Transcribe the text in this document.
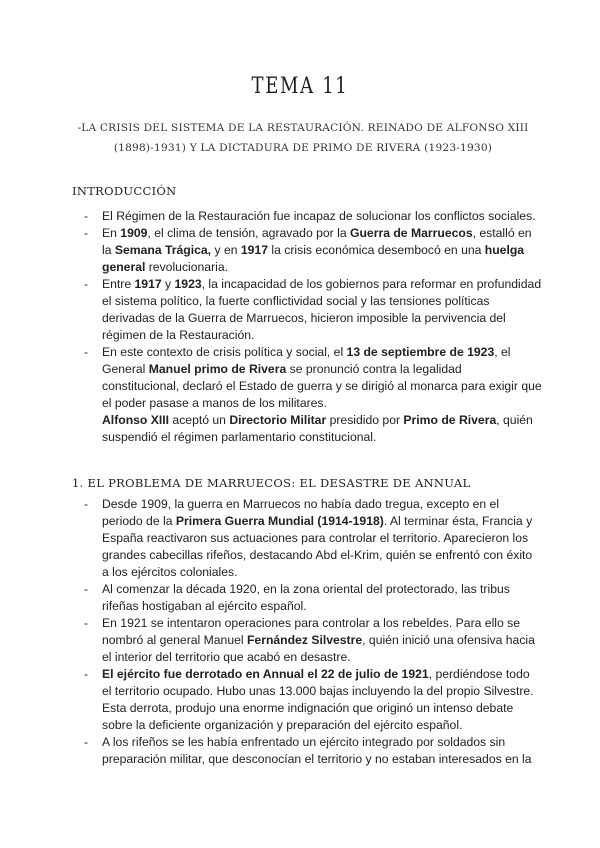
TEMA 11
-LA CRISIS DEL SISTEMA DE LA RESTAURACIÓN. REINADO DE ALFONSO XIII (1898)-1931) Y LA DICTADURA DE PRIMO DE RIVERA (1923-1930)
INTRODUCCIÓN
- El Régimen de la Restauración fue incapaz de solucionar los conflictos sociales.
- En 1909, el clima de tensión, agravado por la Guerra de Marruecos, estalló en la Semana Trágica, y en 1917 la crisis económica desembocó en una huelga general revolucionaria.
- Entre 1917 y 1923, la incapacidad de los gobiernos para reformar en profundidad el sistema político, la fuerte conflictividad social y las tensiones políticas derivadas de la Guerra de Marruecos, hicieron imposible la pervivencia del régimen de la Restauración.
- En este contexto de crisis política y social, el 13 de septiembre de 1923, el General Manuel primo de Rivera se pronunció contra la legalidad constitucional, declaró el Estado de guerra y se dirigió al monarca para exigir que el poder pasase a manos de los militares.
Alfonso XIII aceptó un Directorio Militar presidido por Primo de Rivera, quién suspendió el régimen parlamentario constitucional.
1. EL PROBLEMA DE MARRUECOS: EL DESASTRE DE ANNUAL
- Desde 1909, la guerra en Marruecos no había dado tregua, excepto en el periodo de la Primera Guerra Mundial (1914-1918). Al terminar ésta, Francia y España reactivaron sus actuaciones para controlar el territorio. Aparecieron los grandes cabecillas rifeños, destacando Abd el-Krim, quién se enfrentó con éxito a los ejércitos coloniales.
- Al comenzar la década 1920, en la zona oriental del protectorado, las tribus rifeñas hostigaban al ejército español.
- En 1921 se intentaron operaciones para controlar a los rebeldes. Para ello se nombró al general Manuel Fernández Silvestre, quién inició una ofensiva hacia el interior del territorio que acabó en desastre.
- El ejército fue derrotado en Annual el 22 de julio de 1921, perdiéndose todo el territorio ocupado. Hubo unas 13.000 bajas incluyendo la del propio Silvestre. Esta derrota, produjo una enorme indignación que originó un intenso debate sobre la deficiente organización y preparación del ejército español.
- A los rifeños se les había enfrentado un ejército integrado por soldados sin preparación militar, que desconocían el territorio y no estaban interesados en la
